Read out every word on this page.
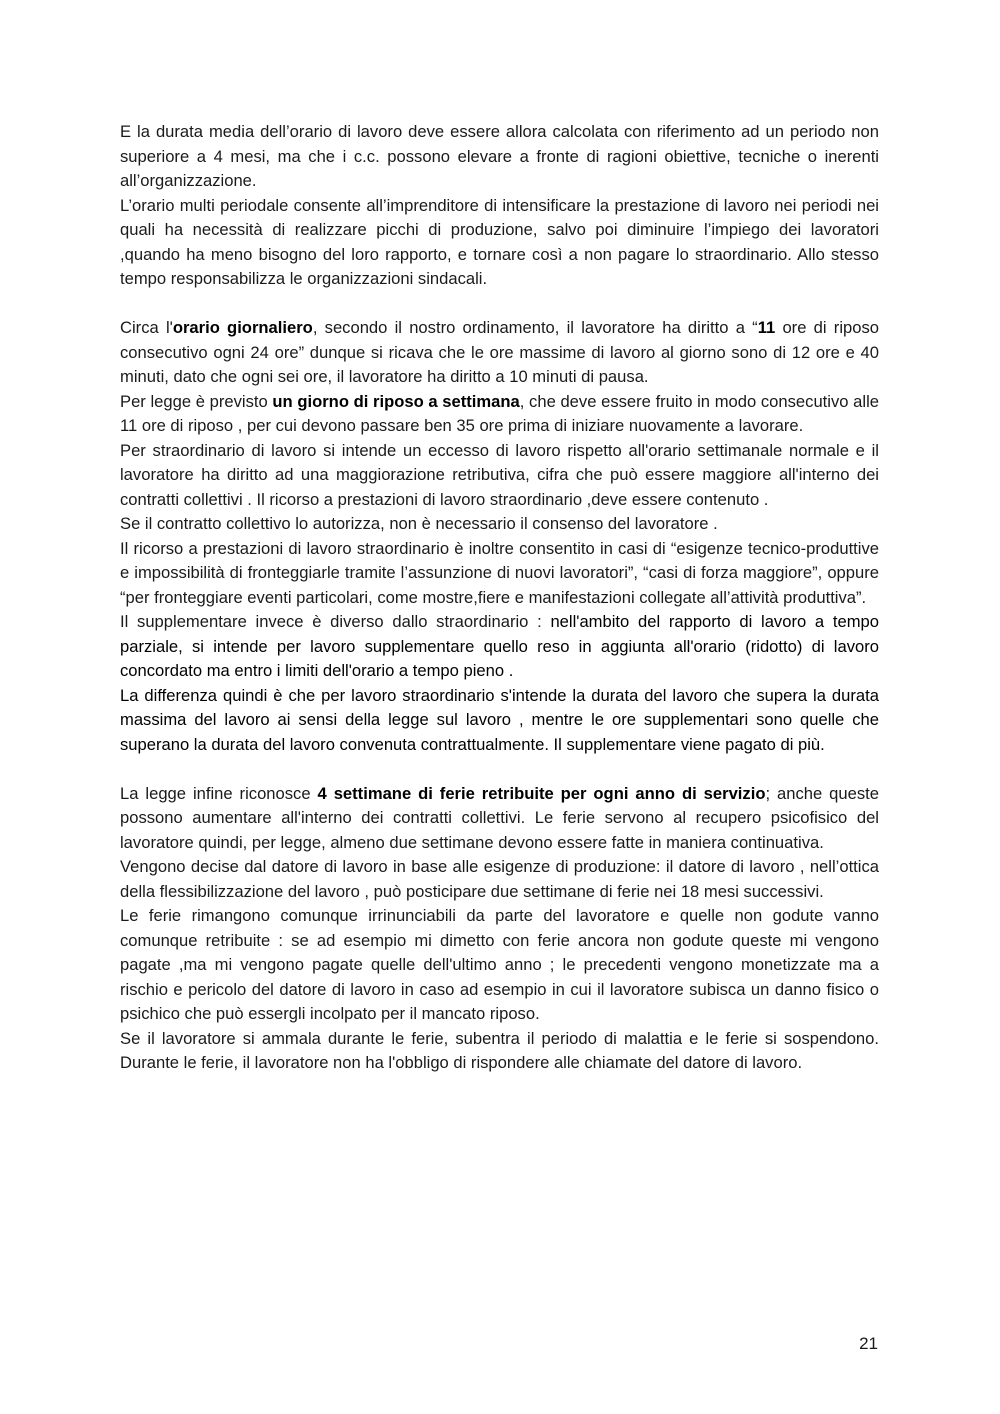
E la durata media dell’orario di lavoro deve essere allora calcolata con riferimento ad un periodo non superiore a 4 mesi, ma che i c.c. possono elevare a fronte di ragioni obiettive, tecniche o inerenti all’organizzazione.

L’orario multi periodale consente all’imprenditore di intensificare la prestazione di lavoro nei periodi nei quali ha necessità di realizzare picchi di produzione, salvo poi diminuire l’impiego dei lavoratori ,quando ha meno bisogno del loro rapporto, e tornare così a non pagare lo straordinario. Allo stesso tempo responsabilizza le organizzazioni sindacali.

Circa l'orario giornaliero, secondo il nostro ordinamento, il lavoratore ha diritto a “11 ore di riposo consecutivo ogni 24 ore” dunque si ricava che le ore massime di lavoro al giorno sono di 12 ore e 40 minuti, dato che ogni sei ore, il lavoratore ha diritto a 10 minuti di pausa.

Per legge è previsto un giorno di riposo a settimana, che deve essere fruito in modo consecutivo alle 11 ore di riposo , per cui devono passare ben 35 ore prima di iniziare nuovamente a lavorare.

Per straordinario di lavoro si intende un eccesso di lavoro rispetto all'orario settimanale normale e il lavoratore ha diritto ad una maggiorazione retributiva, cifra che può essere maggiore all'interno dei contratti collettivi . Il ricorso a prestazioni di lavoro straordinario ,deve essere contenuto .

Se il contratto collettivo lo autorizza, non è necessario il consenso del lavoratore .

Il ricorso a prestazioni di lavoro straordinario è inoltre consentito in casi di “esigenze tecnico-produttive e impossibilità di fronteggiarle tramite l’assunzione di nuovi lavoratori”, “casi di forza maggiore”, oppure “per fronteggiare eventi particolari, come mostre,fiere e manifestazioni collegate all’attività produttiva”.

Il supplementare invece è diverso dallo straordinario : nell'ambito del rapporto di lavoro a tempo parziale, si intende per lavoro supplementare quello reso in aggiunta all'orario (ridotto) di lavoro concordato ma entro i limiti dell'orario a tempo pieno .

La differenza quindi è che per lavoro straordinario s'intende la durata del lavoro che supera la durata massima del lavoro ai sensi della legge sul lavoro , mentre le ore supplementari sono quelle che superano la durata del lavoro convenuta contrattualmente. Il supplementare viene pagato di più.

La legge infine riconosce 4 settimane di ferie retribuite per ogni anno di servizio; anche queste possono aumentare all'interno dei contratti collettivi. Le ferie servono al recupero psicofisico del lavoratore quindi, per legge, almeno due settimane devono essere fatte in maniera continuativa.

Vengono decise dal datore di lavoro in base alle esigenze di produzione: il datore di lavoro , nell’ottica della flessibilizzazione del lavoro , può posticipare due settimane di ferie nei 18 mesi successivi.

Le ferie rimangono comunque irrinunciabili da parte del lavoratore e quelle non godute vanno comunque retribuite : se ad esempio mi dimetto con ferie ancora non godute queste mi vengono pagate ,ma mi vengono pagate quelle dell'ultimo anno ; le precedenti vengono monetizzate ma a rischio e pericolo del datore di lavoro in caso ad esempio in cui il lavoratore subisca un danno fisico o psichico che può essergli incolpato per il mancato riposo.

Se il lavoratore si ammala durante le ferie, subentra il periodo di malattia e le ferie si sospendono. Durante le ferie, il lavoratore non ha l'obbligo di rispondere alle chiamate del datore di lavoro.

21
